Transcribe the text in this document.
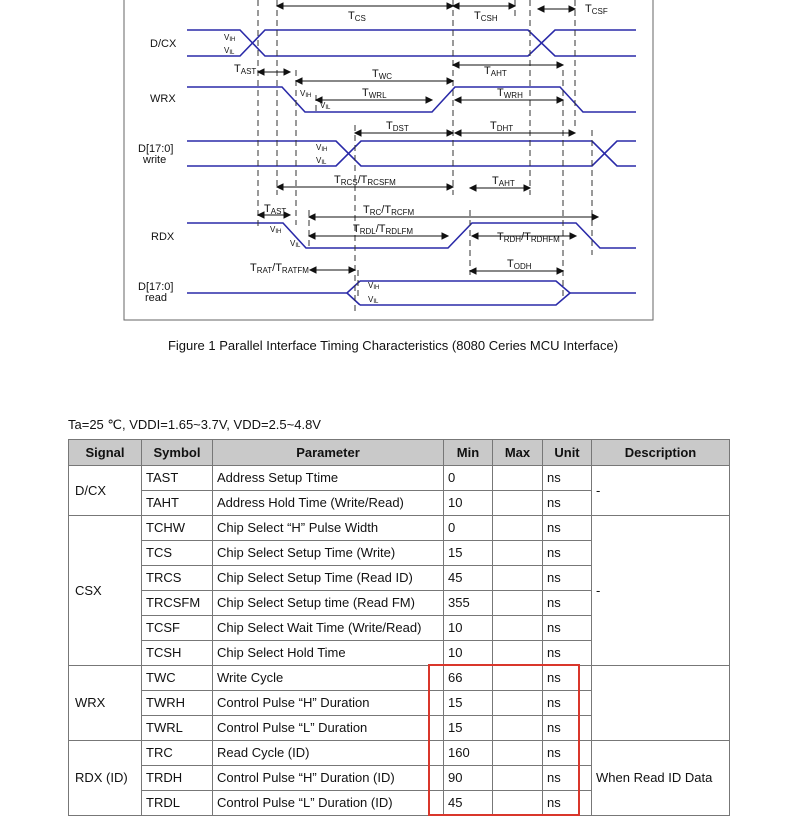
D/CX
WRX
D[17:0]
write
RDX
D[17:0]
read
TCS	TCSH
TCSF
TAST	TWC	TAHT
TWRL	TWRH
TDST	TDHT
TRCS/TRCSFM	TAHT
TAST	TRC/TRCFM
TRDL/TRDLFM	TRDH/TRDHFM
TRAT/TRATFM
TODH
VIH
VIL
VIH
VIL
VIH
VIL
VIH
VIL
VIH
VIL
Figure 1 Parallel Interface Timing Characteristics (8080 Ceries MCU Interface)
Ta=25 ℃, VDDI=1.65~3.7V, VDD=2.5~4.8V
Signal	Symbol	Parameter	Min	Max	Unit	Description
D/CX	TAST	Address Setup Ttime	0		ns	-
	TAHT	Address Hold Time (Write/Read)	10		ns	
CSX	TCHW	Chip Select “H” Pulse Width	0		ns	-
	TCS	Chip Select Setup Time (Write)	15		ns	
	TRCS	Chip Select Setup Time (Read ID)	45		ns	
	TRCSFM	Chip Select Setup time (Read FM)	355		ns	
	TCSF	Chip Select Wait Time (Write/Read)	10		ns	
	TCSH	Chip Select Hold Time	10		ns	
WRX	TWC	Write Cycle	66		ns	
	TWRH	Control Pulse “H” Duration	15		ns	
	TWRL	Control Pulse “L” Duration	15		ns	
RDX (ID)	TRC	Read Cycle (ID)	160		ns	When Read ID Data
	TRDH	Control Pulse “H” Duration (ID)	90		ns	
	TRDL	Control Pulse “L” Duration (ID)	45		ns	
